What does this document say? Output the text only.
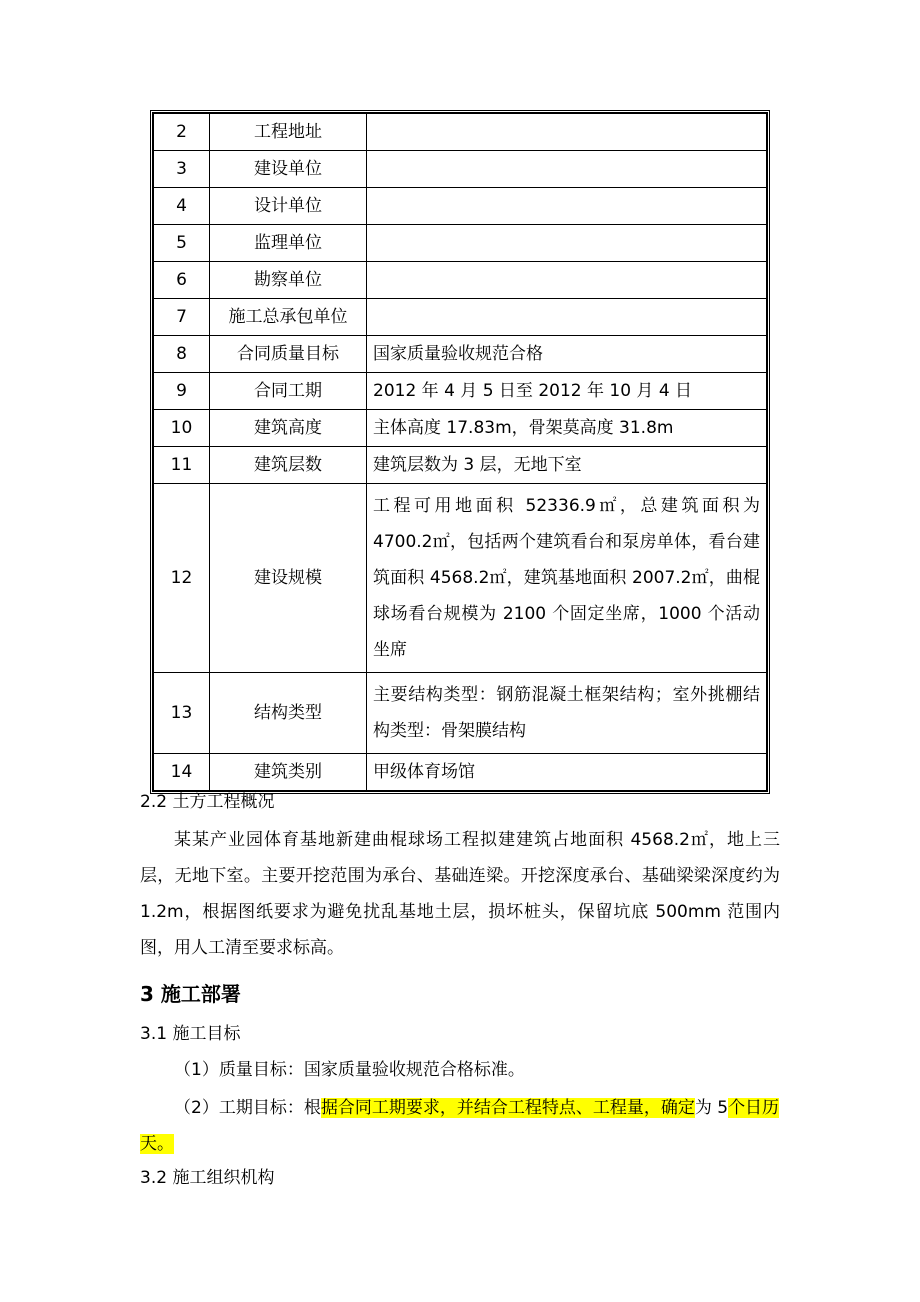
2	工程地址	
3	建设单位	
4	设计单位	
5	监理单位	
6	勘察单位	
7	施工总承包单位	
8	合同质量目标	国家质量验收规范合格
9	合同工期	2012 年 4 月 5 日至 2012 年 10 月 4 日
10	建筑高度	主体高度 17.83m，骨架莫高度 31.8m
11	建筑层数	建筑层数为 3 层，无地下室
12	建设规模	工程可用地面积 52336.9㎡，总建筑面积为 4700.2㎡，包括两个建筑看台和泵房单体，看台建筑面积 4568.2㎡，建筑基地面积 2007.2㎡，曲棍球场看台规模为 2100 个固定坐席，1000 个活动坐席
13	结构类型	主要结构类型：钢筋混凝土框架结构；室外挑棚结构类型：骨架膜结构
14	建筑类别	甲级体育场馆
2.2 土方工程概况
某某产业园体育基地新建曲棍球场工程拟建建筑占地面积 4568.2㎡，地上三层，无地下室。主要开挖范围为承台、基础连梁。开挖深度承台、基础梁梁深度约为 1.2m，根据图纸要求为避免扰乱基地土层，损坏桩头，保留坑底 500mm 范围内图，用人工清至要求标高。
3 施工部署
3.1 施工目标
（1）质量目标：国家质量验收规范合格标准。
（2）工期目标：根据合同工期要求，并结合工程特点、工程量，确定为 5个日历天。
3.2 施工组织机构
